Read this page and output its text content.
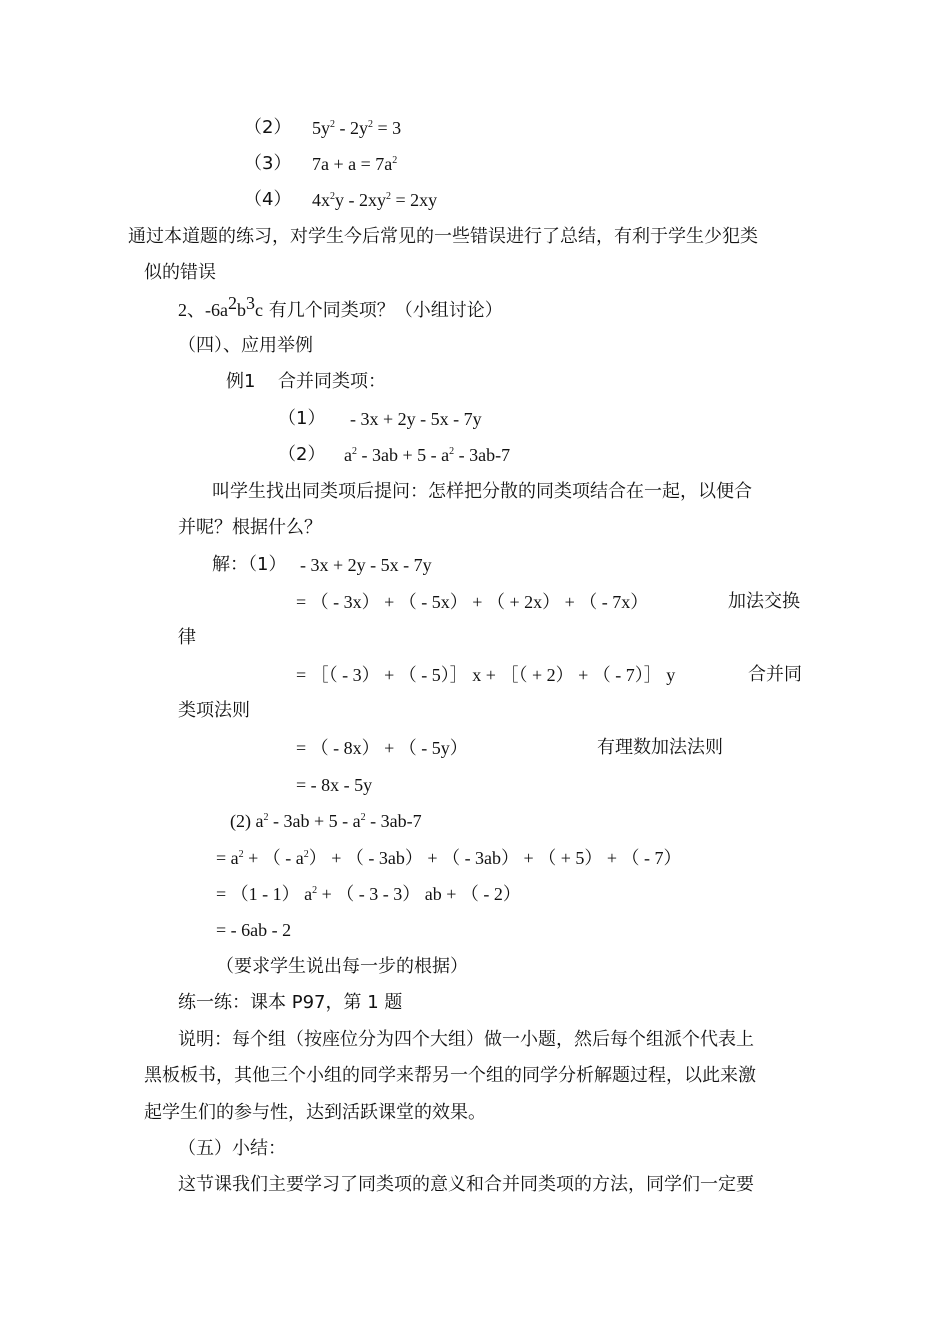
（2） $5y^2 - 2y^2 = 3$
（3） $7a + a = 7a^2$
（4） $4x^2y - 2xy^2 = 2xy$
通过本道题的练习，对学生今后常见的一些错误进行了总结，有利于学生少犯类
似的错误
2、$-6a^2b^3c$ 有几个同类项？（小组讨论）
（四）、应用举例
例1 合并同类项：
（1） - 3x + 2y - 5x - 7y
（2） $a^2 - 3ab + 5 - a^2 - 3ab-7$
叫学生找出同类项后提问：怎样把分散的同类项结合在一起，以便合
并呢？根据什么？
解：（1） - 3x + 2y - 5x - 7y
= （ - 3x） + （ - 5x） + （ + 2x） + （ - 7x）	加法交换
律
= ［（ - 3） + （ - 5）］ x + ［（ + 2） + （ - 7）］ y	合并同
类项法则
= （ - 8x） + （ - 5y）	有理数加法法则
= - 8x - 5y
(2) $a^2 - 3ab + 5 - a^2 - 3ab-7$
= $a^2$ + （ - $a^2$） + （ - 3ab） + （ - 3ab） + （ + 5） + （ - 7）
= （1 - 1） $a^2$ + （ - 3 - 3） ab + （ - 2）
= - 6ab - 2
（要求学生说出每一步的根据）
练一练：课本 P97，第 1 题
说明：每个组（按座位分为四个大组）做一小题，然后每个组派个代表上
黑板板书，其他三个小组的同学来帮另一个组的同学分析解题过程，以此来激
起学生们的参与性，达到活跃课堂的效果。
（五）小结：
这节课我们主要学习了同类项的意义和合并同类项的方法，同学们一定要
